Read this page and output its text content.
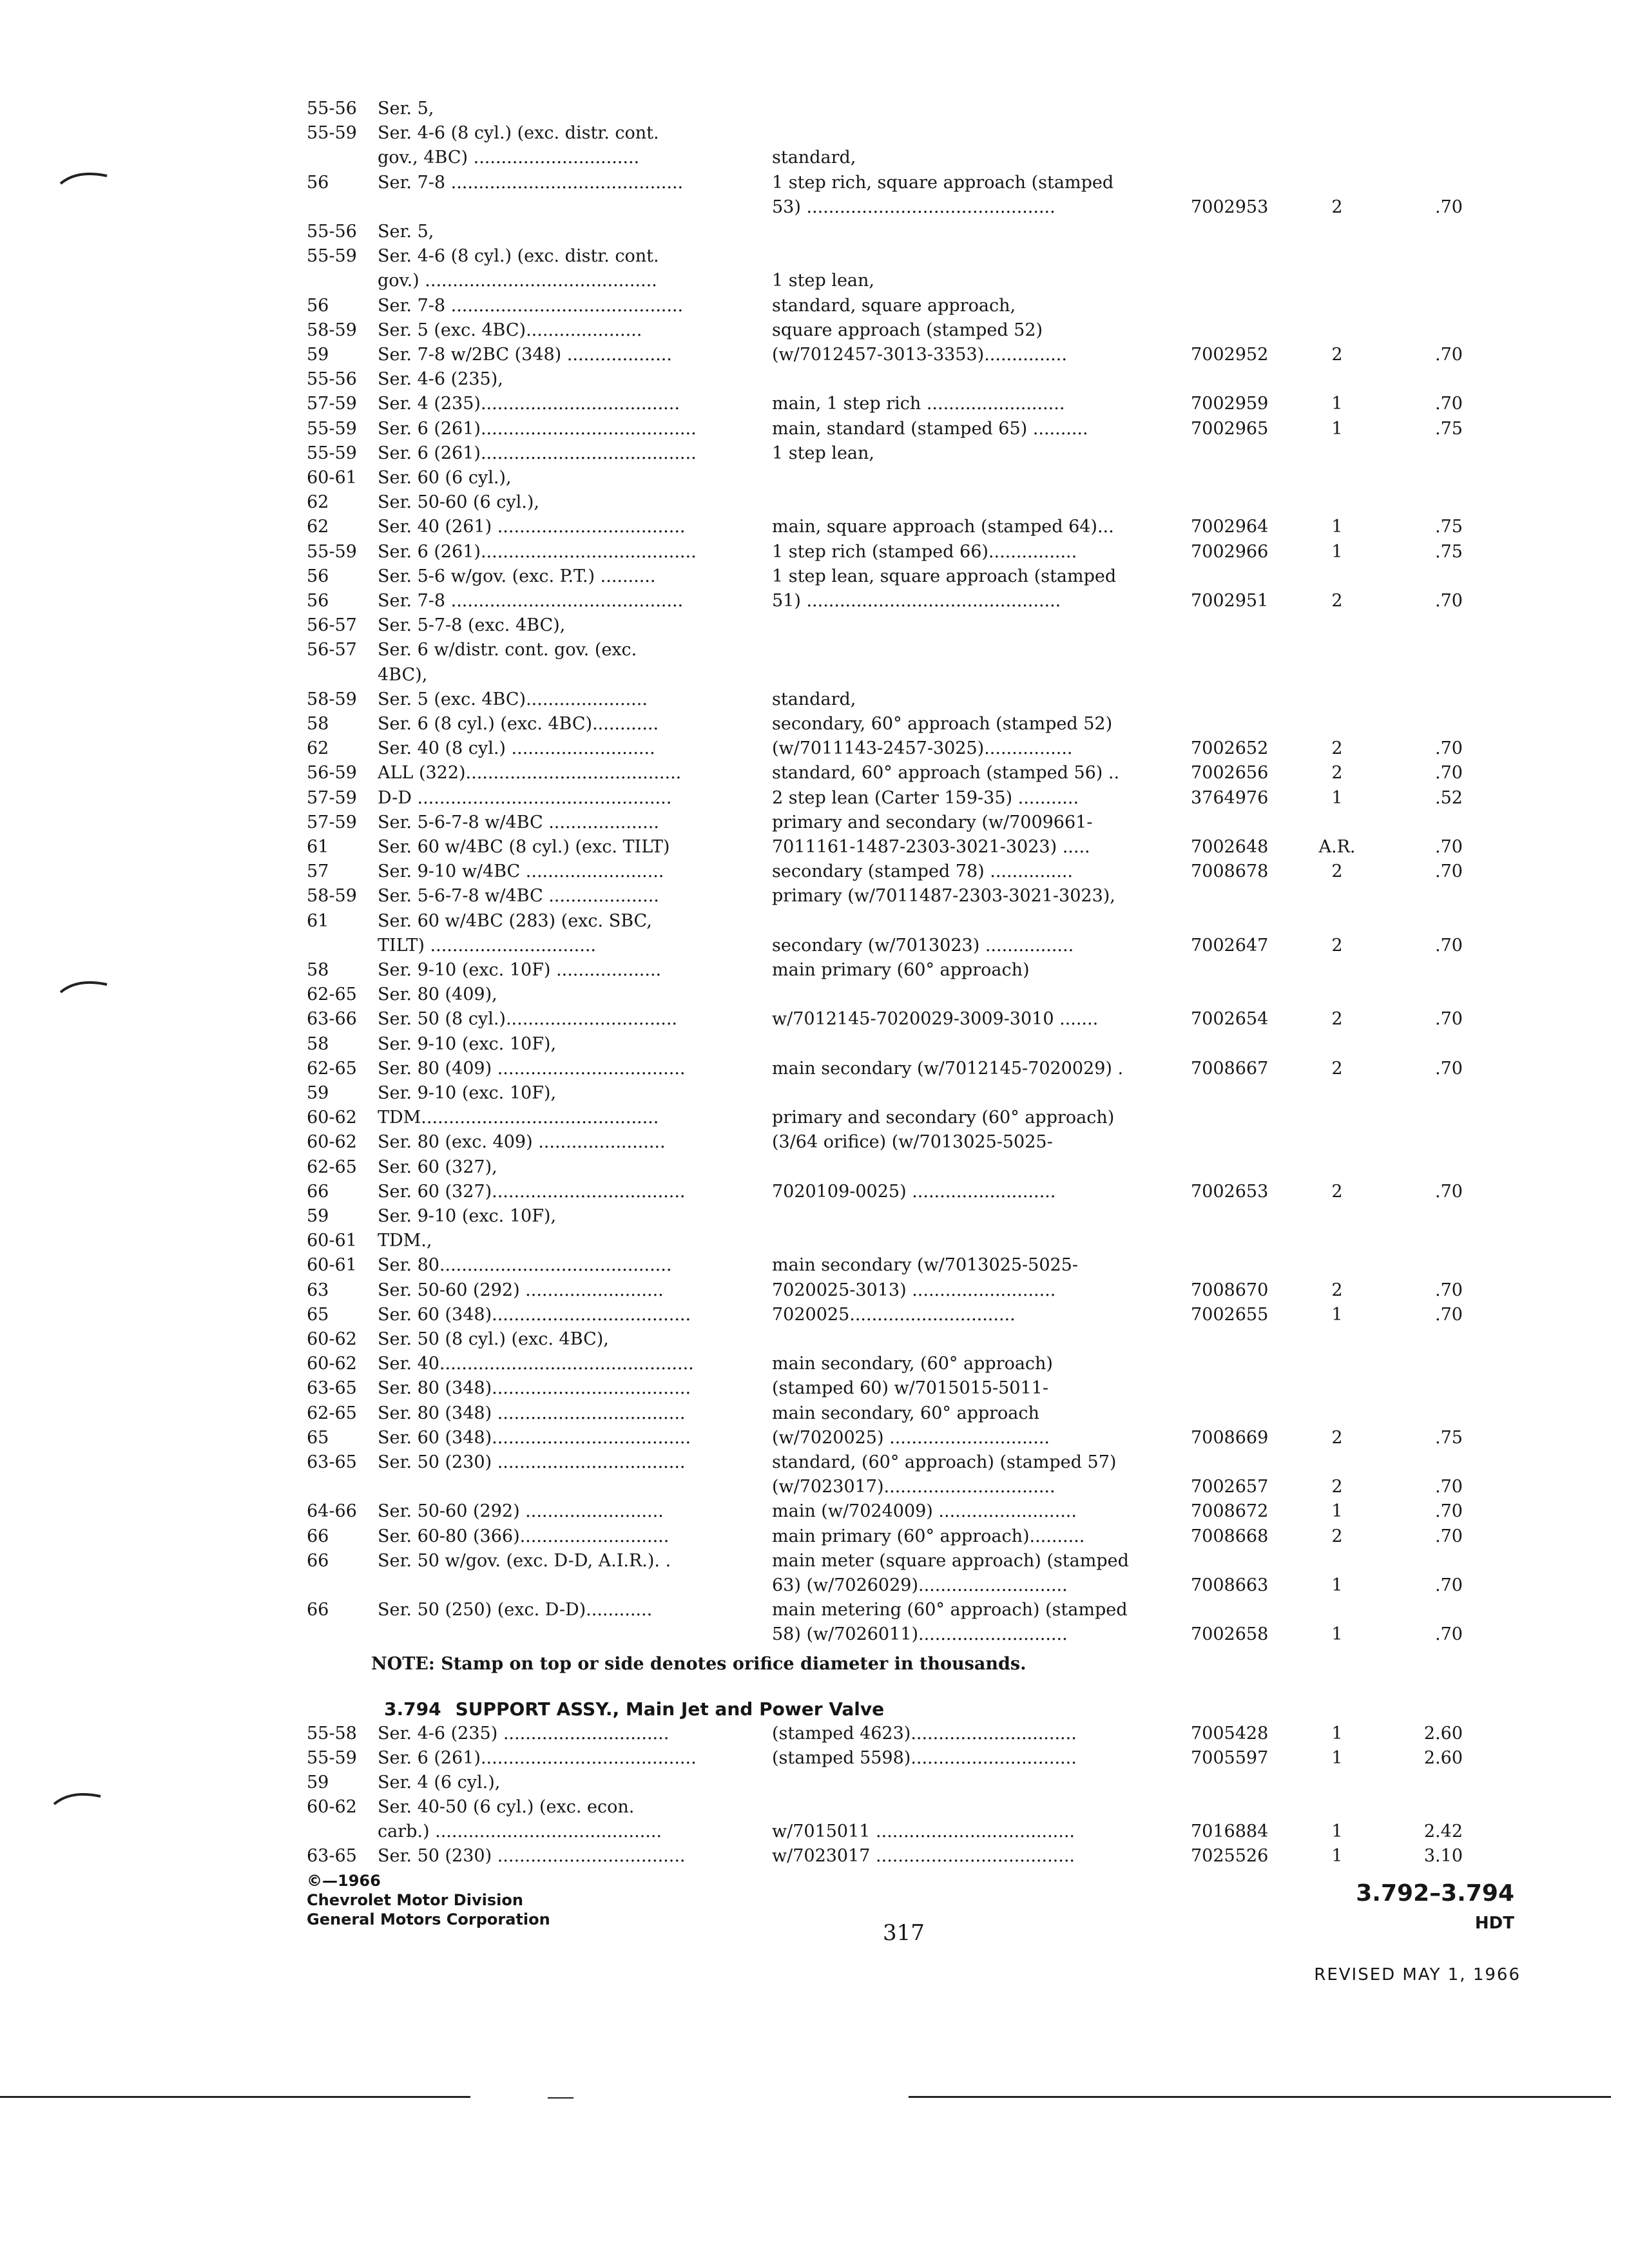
55-56 Ser. 5,
55-59 Ser. 4-6 (8 cyl.) (exc. distr. cont.
gov., 4BC) ..............................	standard,
56	Ser. 7-8 ..........................................	1 step rich, square approach (stamped
53) .............................................	7002953	2	.70
55-56 Ser. 5,
55-59 Ser. 4-6 (8 cyl.) (exc. distr. cont.
gov.) ..........................................	1 step lean,
56	Ser. 7-8 ..........................................	standard, square approach,
58-59 Ser. 5 (exc. 4BC).....................	square approach (stamped 52)
59	Ser. 7-8 w/2BC (348) ...................	(w/7012457-3013-3353)...............	7002952	2	.70
55-56 Ser. 4-6 (235),
57-59 Ser. 4 (235)....................................	main, 1 step rich .........................	7002959	1	.70
55-59 Ser. 6 (261).......................................	main, standard (stamped 65) ..........	7002965	1	.75
55-59 Ser. 6 (261).......................................	1 step lean,
60-61 Ser. 60 (6 cyl.),
62	Ser. 50-60 (6 cyl.),
62	Ser. 40 (261) ..................................	main, square approach (stamped 64)...	7002964	1	.75
55-59 Ser. 6 (261).......................................	1 step rich (stamped 66)................	7002966	1	.75
56	Ser. 5-6 w/gov. (exc. P.T.) ..........	1 step lean, square approach (stamped
56	Ser. 7-8 ..........................................	51) ..............................................	7002951	2	.70
56-57 Ser. 5-7-8 (exc. 4BC),
56-57 Ser. 6 w/distr. cont. gov. (exc.
4BC),
58-59 Ser. 5 (exc. 4BC)......................	standard,
58	Ser. 6 (8 cyl.) (exc. 4BC)............	secondary, 60° approach (stamped 52)
62	Ser. 40 (8 cyl.) ..........................	(w/7011143-2457-3025)................	7002652	2	.70
56-59 ALL (322).......................................	standard, 60° approach (stamped 56) ..	7002656	2	.70
57-59 D-D ..............................................	2 step lean (Carter 159-35) ...........	3764976	1	.52
57-59 Ser. 5-6-7-8 w/4BC ....................	primary and secondary (w/7009661-
61	Ser. 60 w/4BC (8 cyl.) (exc. TILT)	7011161-1487-2303-3021-3023) .....	7002648	A.R.	.70
57	Ser. 9-10 w/4BC .........................	secondary (stamped 78) ...............	7008678	2	.70
58-59 Ser. 5-6-7-8 w/4BC ....................	primary (w/7011487-2303-3021-3023),
61	Ser. 60 w/4BC (283) (exc. SBC,
TILT) ..............................	secondary (w/7013023) ................	7002647	2	.70
58	Ser. 9-10 (exc. 10F) ...................	main primary (60° approach)
62-65 Ser. 80 (409),
63-66 Ser. 50 (8 cyl.)...............................	w/7012145-7020029-3009-3010 .......	7002654	2	.70
58	Ser. 9-10 (exc. 10F),
62-65 Ser. 80 (409) ..................................	main secondary (w/7012145-7020029) .	7008667	2	.70
59	Ser. 9-10 (exc. 10F),
60-62 TDM...........................................	primary and secondary (60° approach)
60-62 Ser. 80 (exc. 409) .......................	(3/64 orifice) (w/7013025-5025-
62-65 Ser. 60 (327),
66	Ser. 60 (327)...................................	7020109-0025) ..........................	7002653	2	.70
59	Ser. 9-10 (exc. 10F),
60-61 TDM.,
60-61 Ser. 80..........................................	main secondary (w/7013025-5025-
63	Ser. 50-60 (292) .........................	7020025-3013) ..........................	7008670	2	.70
65	Ser. 60 (348)....................................	7020025..............................	7002655	1	.70
60-62 Ser. 50 (8 cyl.) (exc. 4BC),
60-62 Ser. 40..............................................	main secondary, (60° approach)
63-65 Ser. 80 (348)....................................	(stamped 60) w/7015015-5011-
62-65 Ser. 80 (348) ..................................	main secondary, 60° approach
65	Ser. 60 (348)....................................	(w/7020025) .............................	7008669	2	.75
63-65 Ser. 50 (230) ..................................	standard, (60° approach) (stamped 57)
(w/7023017)...............................	7002657	2	.70
64-66 Ser. 50-60 (292) .........................	main (w/7024009) .........................	7008672	1	.70
66	Ser. 60-80 (366)...........................	main primary (60° approach)..........	7008668	2	.70
66	Ser. 50 w/gov. (exc. D-D, A.I.R.). .	main meter (square approach) (stamped
63) (w/7026029)...........................	7008663	1	.70
66	Ser. 50 (250) (exc. D-D)............	main metering (60° approach) (stamped
58) (w/7026011)...........................	7002658	1	.70
NOTE: Stamp on top or side denotes orifice diameter in thousands.
3.794 SUPPORT ASSY., Main Jet and Power Valve
55-58 Ser. 4-6 (235) ..............................	(stamped 4623)..............................	7005428	1	2.60
55-59 Ser. 6 (261).......................................	(stamped 5598)..............................	7005597	1	2.60
59	Ser. 4 (6 cyl.),
60-62 Ser. 40-50 (6 cyl.) (exc. econ.
carb.) .........................................	w/7015011 ....................................	7016884	1	2.42
63-65 Ser. 50 (230) ..................................	w/7023017 ....................................	7025526	1	3.10
©—1966
Chevrolet Motor Division
General Motors Corporation
317
3.792–3.794
HDT
REVISED MAY 1, 1966
